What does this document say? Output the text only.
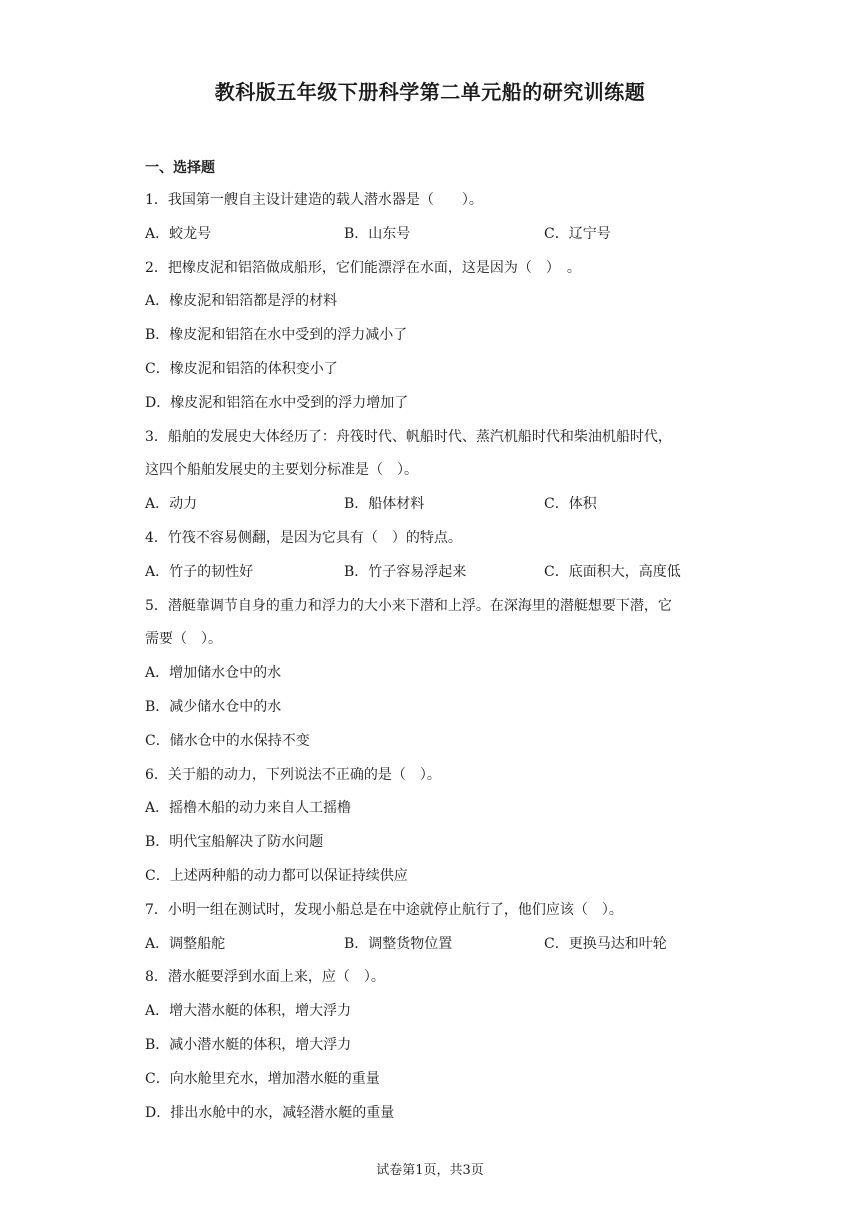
教科版五年级下册科学第二单元船的研究训练题
一、选择题
1．我国第一艘自主设计建造的载人潜水器是（　　）。
A．蛟龙号	B．山东号	C．辽宁号
2．把橡皮泥和铝箔做成船形，它们能漂浮在水面，这是因为（　）　。
A．橡皮泥和铝箔都是浮的材料
B．橡皮泥和铝箔在水中受到的浮力减小了
C．橡皮泥和铝箔的体积变小了
D．橡皮泥和铝箔在水中受到的浮力增加了
3．船舶的发展史大体经历了：舟筏时代、帆船时代、蒸汽机船时代和柴油机船时代，
这四个船舶发展史的主要划分标准是（　）。
A．动力	B．船体材料	C．体积
4．竹筏不容易侧翻，是因为它具有（　）的特点。
A．竹子的韧性好	B．竹子容易浮起来	C．底面积大，高度低
5．潜艇靠调节自身的重力和浮力的大小来下潜和上浮。在深海里的潜艇想要下潜，它
需要（　）。
A．增加储水仓中的水
B．减少储水仓中的水
C．储水仓中的水保持不变
6．关于船的动力，下列说法不正确的是（　）。
A．摇橹木船的动力来自人工摇橹
B．明代宝船解决了防水问题
C．上述两种船的动力都可以保证持续供应
7．小明一组在测试时，发现小船总是在中途就停止航行了，他们应该（　）。
A．调整船舵	B．调整货物位置	C．更换马达和叶轮
8．潜水艇要浮到水面上来，应（　）。
A．增大潜水艇的体积，增大浮力
B．减小潜水艇的体积，增大浮力
C．向水舱里充水，增加潜水艇的重量
D．排出水舱中的水，减轻潜水艇的重量
试卷第1页，共3页
